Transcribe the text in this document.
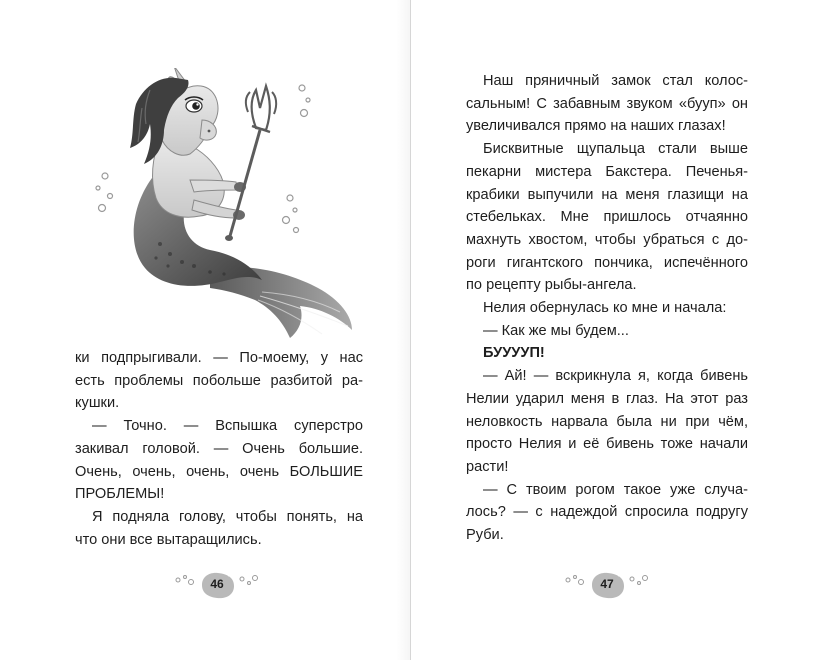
ки подпрыгивали. — По-моему, у нас

есть проблемы побольше разбитой ра-

кушки.

— Точно. — Вспышка суперстро

закивал головой. — Очень большие.

Очень, очень, очень, очень БОЛЬШИЕ

ПРОБЛЕМЫ!

Я подняла голову, чтобы понять, на

что они все вытаращились.

46

Наш пряничный замок стал колос-

сальным! С забавным звуком «бууп» он

увеличивался прямо на наших глазах!

Бисквитные щупальца стали выше

пекарни мистера Бакстера. Печенья-

крабики выпучили на меня глазищи на

стебельках. Мне пришлось отчаянно

махнуть хвостом, чтобы убраться с до-

роги гигантского пончика, испечённого

по рецепту рыбы-ангела.

Нелия обернулась ко мне и начала:

— Как же мы будем...

БУУУУП!

— Ай! — вскрикнула я, когда бивень

Нелии ударил меня в глаз. На этот раз

неловкость нарвала была ни при чём,

просто Нелия и её бивень тоже начали

расти!

— С твоим рогом такое уже случа-

лось? — с надеждой спросила подругу

Руби.

47
